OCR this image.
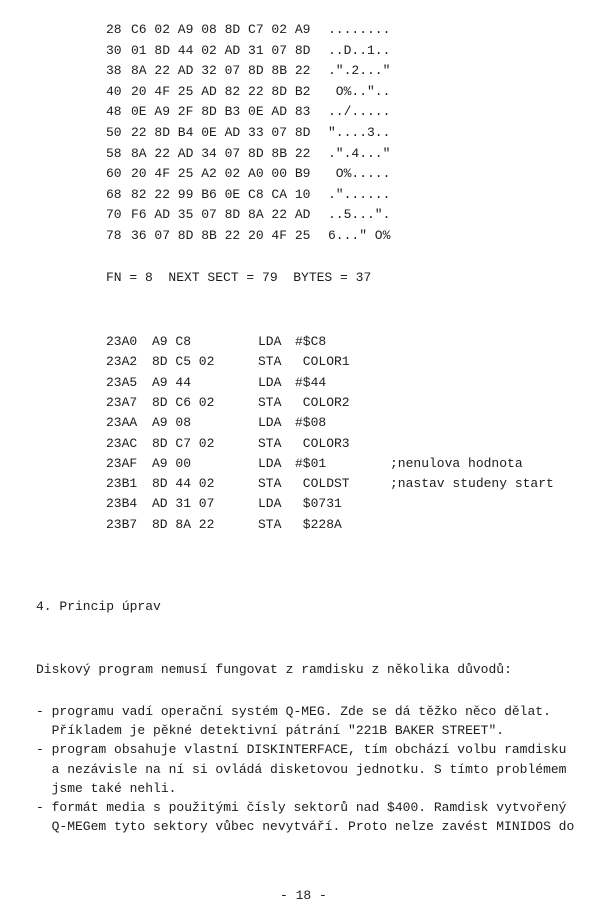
28 C6 02 A9 08 8D C7 02 A9 ........
30 01 8D 44 02 AD 31 07 8D ..D..1..
38 8A 22 AD 32 07 8D 8B 22 .".2..."
40 20 4F 25 AD 82 22 8D B2 O%.."..
48 0E A9 2F 8D B3 0E AD 83 ../.....
50 22 8D B4 0E AD 33 07 8D "....3..
58 8A 22 AD 34 07 8D 8B 22 .".4..."
60 20 4F 25 A2 02 A0 00 B9 O%.....
68 82 22 99 B6 0E C8 CA 10 ."......
70 F6 AD 35 07 8D 8A 22 AD ..5...".
78 36 07 8D 8B 22 20 4F 25 6..." O%
FN = 8  NEXT SECT = 79  BYTES = 37
23A0 A9 C8	LDA #$C8
23A2 8D C5 02	STA COLOR1
23A5 A9 44	LDA #$44
23A7 8D C6 02	STA COLOR2
23AA A9 08	LDA #$08
23AC 8D C7 02	STA COLOR3
23AF A9 00	LDA #$01	;nenulova hodnota
23B1 8D 44 02	STA COLDST	;nastav studeny start
23B4 AD 31 07	LDA $0731
23B7 8D 8A 22	STA $228A
4. Princip úprav
Diskový program nemusí fungovat z ramdisku z několika důvodů:
- programu vadí operační systém Q-MEG. Zde se dá těžko něco dělat.
Příkladem je pěkné detektivní pátrání "221B BAKER STREET".
- program obsahuje vlastní DISKINTERFACE, tím obchází volbu ramdisku
a nezávisle na ní si ovládá disketovou jednotku. S tímto problémem
jsme také nehli.
- formát media s použitými čísly sektorů nad $400. Ramdisk vytvořený
Q-MEGem tyto sektory vůbec nevytváří. Proto nelze zavést MINIDOS do
- 18 -
